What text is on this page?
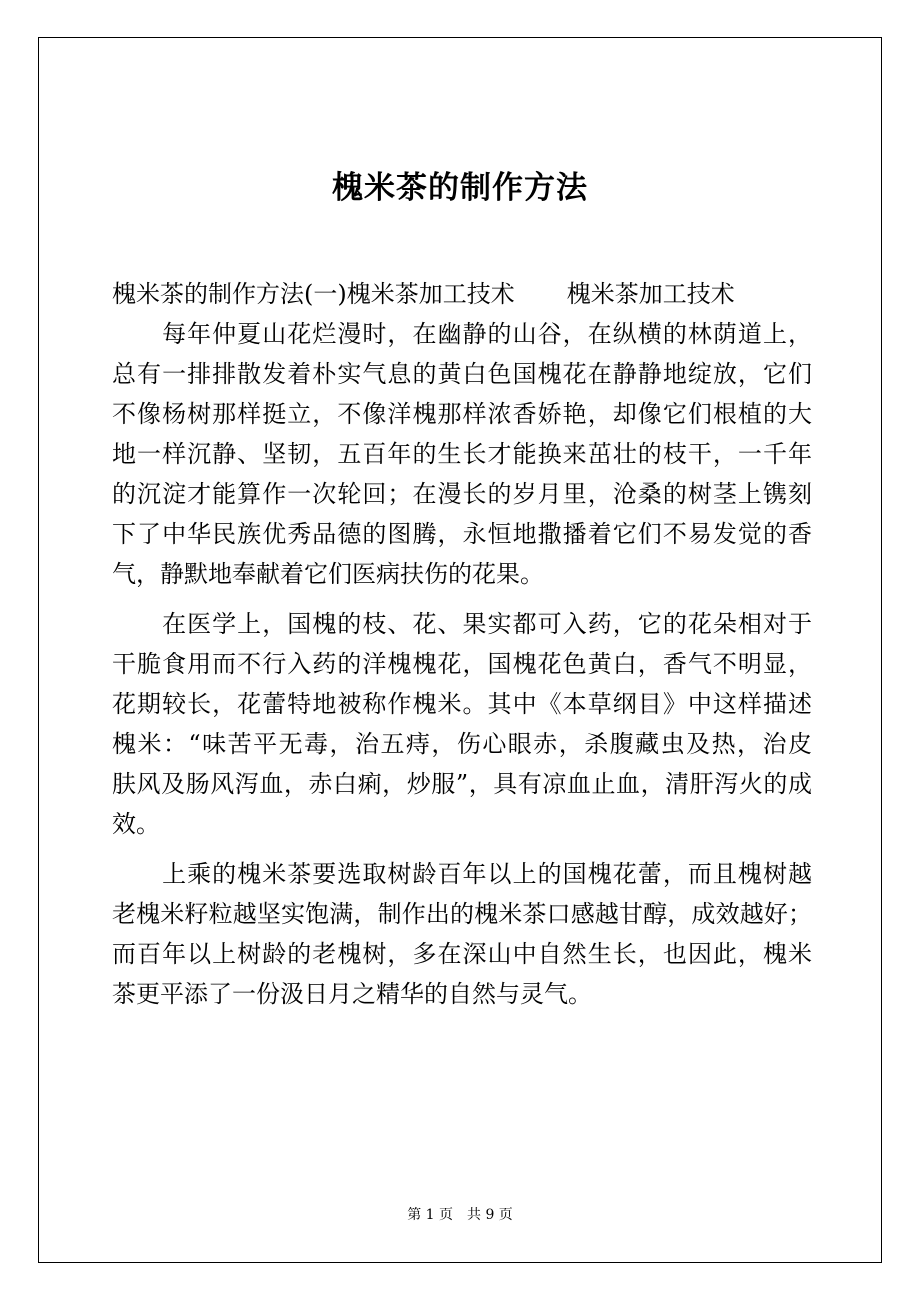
槐米茶的制作方法
槐米茶的制作方法(一)槐米茶加工技术 槐米茶加工技术
　　每年仲夏山花烂漫时，在幽静的山谷，在纵横的林荫道上，
总有一排排散发着朴实气息的黄白色国槐花在静静地绽放，它们
不像杨树那样挺立，不像洋槐那样浓香娇艳，却像它们根植的大
地一样沉静、坚韧，五百年的生长才能换来茁壮的枝干，一千年
的沉淀才能算作一次轮回；在漫长的岁月里，沧桑的树茎上镌刻
下了中华民族优秀品德的图腾，永恒地撒播着它们不易发觉的香
气，静默地奉献着它们医病扶伤的花果。
　　在医学上，国槐的枝、花、果实都可入药，它的花朵相对于
干脆食用而不行入药的洋槐槐花，国槐花色黄白，香气不明显，
花期较长，花蕾特地被称作槐米。其中《本草纲目》中这样描述
槐米：“味苦平无毒，治五痔，伤心眼赤，杀腹藏虫及热，治皮
肤风及肠风泻血，赤白痢，炒服”，具有凉血止血，清肝泻火的成
效。
　　上乘的槐米茶要选取树龄百年以上的国槐花蕾，而且槐树越
老槐米籽粒越坚实饱满，制作出的槐米茶口感越甘醇，成效越好；
而百年以上树龄的老槐树，多在深山中自然生长，也因此，槐米
茶更平添了一份汲日月之精华的自然与灵气。
第 1 页 共 9 页
